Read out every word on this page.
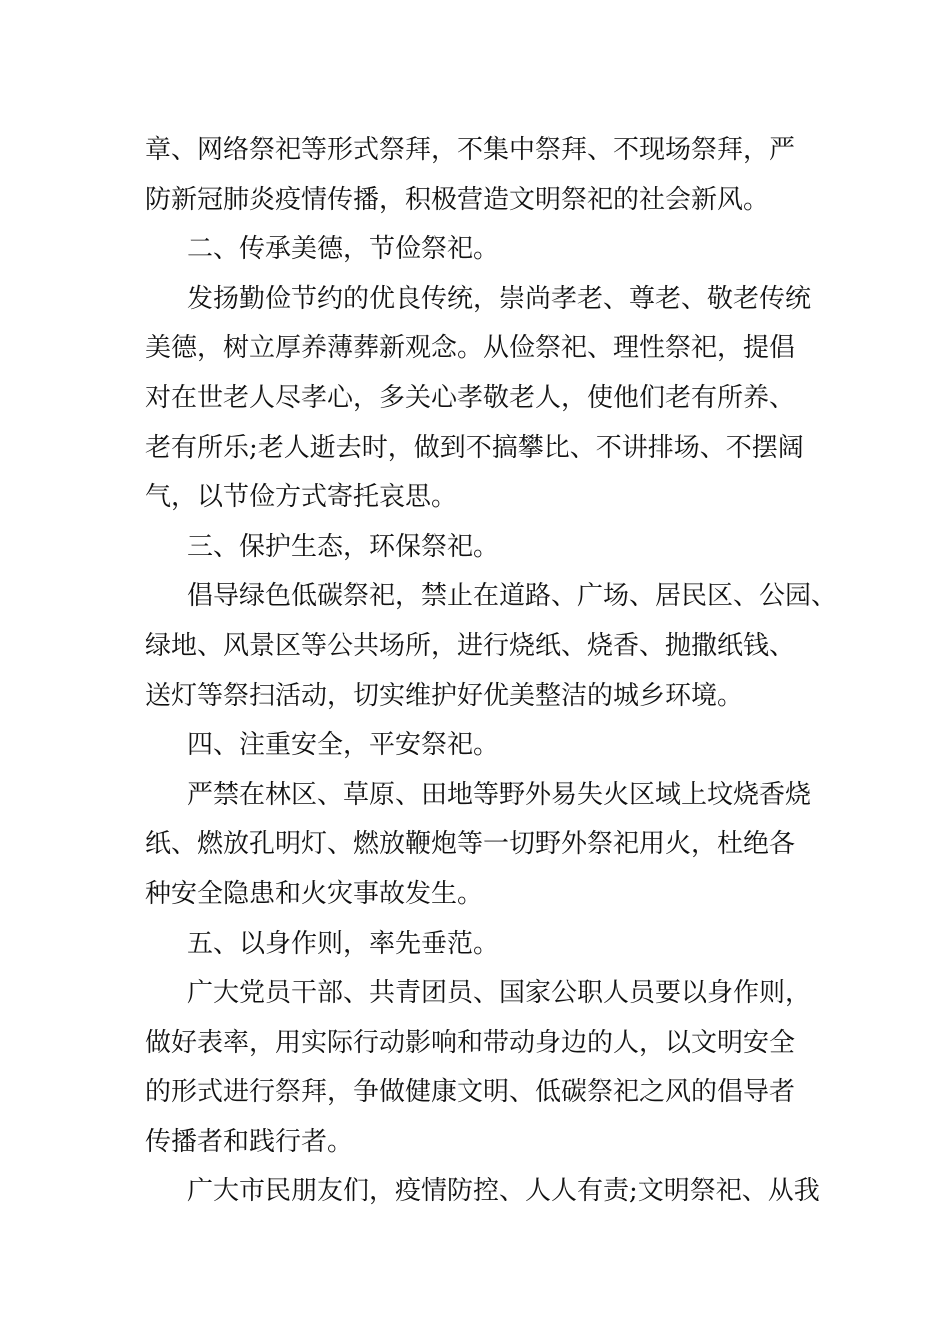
章、网络祭祀等形式祭拜，不集中祭拜、不现场祭拜，严
防新冠肺炎疫情传播，积极营造文明祭祀的社会新风。
二、传承美德，节俭祭祀。
发扬勤俭节约的优良传统，崇尚孝老、尊老、敬老传统
美德，树立厚养薄葬新观念。从俭祭祀、理性祭祀，提倡
对在世老人尽孝心，多关心孝敬老人，使他们老有所养、
老有所乐;老人逝去时，做到不搞攀比、不讲排场、不摆阔
气，以节俭方式寄托哀思。
三、保护生态，环保祭祀。
倡导绿色低碳祭祀，禁止在道路、广场、居民区、公园、
绿地、风景区等公共场所，进行烧纸、烧香、抛撒纸钱、
送灯等祭扫活动，切实维护好优美整洁的城乡环境。
四、注重安全，平安祭祀。
严禁在林区、草原、田地等野外易失火区域上坟烧香烧
纸、燃放孔明灯、燃放鞭炮等一切野外祭祀用火，杜绝各
种安全隐患和火灾事故发生。
五、以身作则，率先垂范。
广大党员干部、共青团员、国家公职人员要以身作则，
做好表率，用实际行动影响和带动身边的人，以文明安全
的形式进行祭拜，争做健康文明、低碳祭祀之风的倡导者
传播者和践行者。
广大市民朋友们，疫情防控、人人有责;文明祭祀、从我
